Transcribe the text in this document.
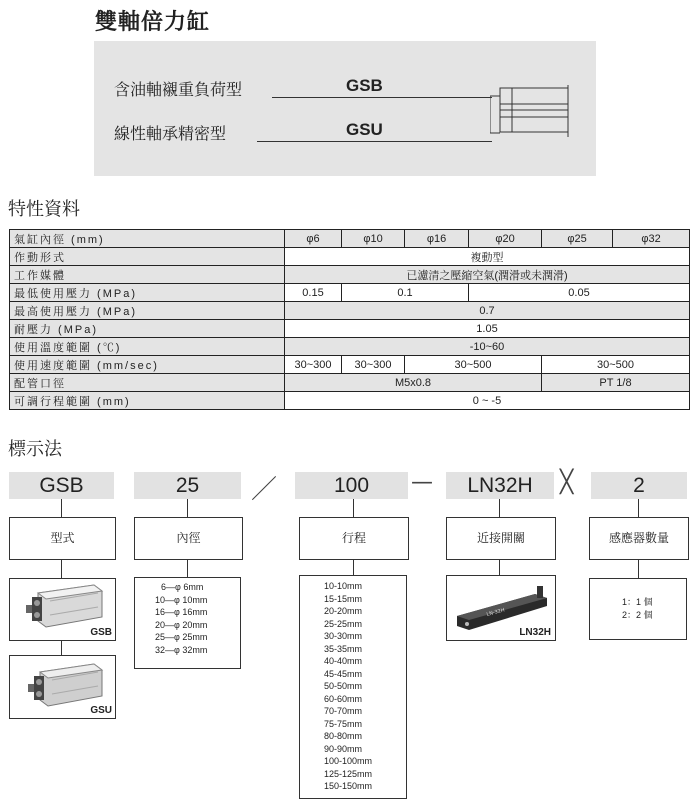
雙軸倍力缸
含油軸襯重負荷型	GSB
線性軸承精密型	GSU
特性資料
氣缸內徑 (mm)	φ6	φ10	φ16	φ20	φ25	φ32
作動形式	複動型					
工作媒體	已濾清之壓縮空氣(潤滑或未潤滑)					
最低使用壓力 (MPa)	0.15	0.1		0.05		
最高使用壓力 (MPa)	0.7					
耐壓力 (MPa)	1.05					
使用溫度範圍 (℃)	-10~60					
使用速度範圍 (mm/sec)	30~300	30~300	30~500		30~500	
配管口徑	M5x0.8				PT 1/8	
可調行程範圍 (mm)	0 ~ -5					
標示法
GSB	25	／	100	—	LN32H	╳	2
型式	內徑	行程	近接開關	感應器數量
GSB
GSU
6—φ 6mm
10—φ 10mm
16—φ 16mm
20—φ 20mm
25—φ 25mm
32—φ 32mm
10-10mm
15-15mm
20-20mm
25-25mm
30-30mm
35-35mm
40-40mm
45-45mm
50-50mm
60-60mm
70-70mm
75-75mm
80-80mm
90-90mm
100-100mm
125-125mm
150-150mm
LN-32H
LN32H
1：1 個
2：2 個
